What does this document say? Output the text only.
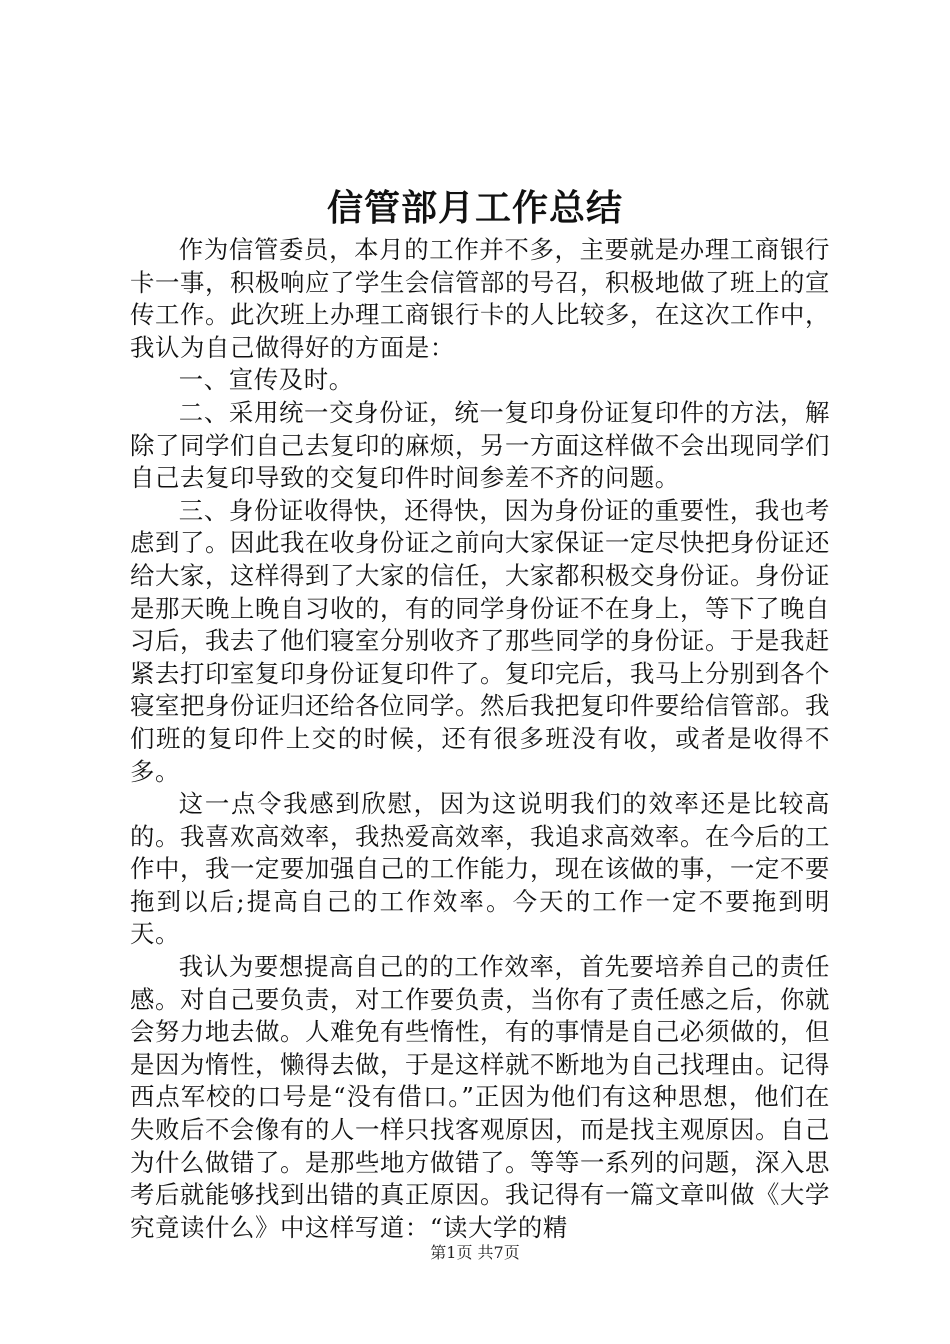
信管部月工作总结

作为信管委员，本月的工作并不多，主要就是办理工商银行卡一事，积极响应了学生会信管部的号召，积极地做了班上的宣传工作。此次班上办理工商银行卡的人比较多，在这次工作中，我认为自己做得好的方面是：

一、宣传及时。

二、采用统一交身份证，统一复印身份证复印件的方法，解除了同学们自己去复印的麻烦，另一方面这样做不会出现同学们自己去复印导致的交复印件时间参差不齐的问题。

三、身份证收得快，还得快，因为身份证的重要性，我也考虑到了。因此我在收身份证之前向大家保证一定尽快把身份证还给大家，这样得到了大家的信任，大家都积极交身份证。身份证是那天晚上晚自习收的，有的同学身份证不在身上，等下了晚自习后，我去了他们寝室分别收齐了那些同学的身份证。于是我赶紧去打印室复印身份证复印件了。复印完后，我马上分别到各个寝室把身份证归还给各位同学。然后我把复印件要给信管部。我们班的复印件上交的时候，还有很多班没有收，或者是收得不多。

这一点令我感到欣慰，因为这说明我们的效率还是比较高的。我喜欢高效率，我热爱高效率，我追求高效率。在今后的工作中，我一定要加强自己的工作能力，现在该做的事，一定不要拖到以后;提高自己的工作效率。今天的工作一定不要拖到明天。

我认为要想提高自己的的工作效率，首先要培养自己的责任感。对自己要负责，对工作要负责，当你有了责任感之后，你就会努力地去做。人难免有些惰性，有的事情是自己必须做的，但是因为惰性，懒得去做，于是这样就不断地为自己找理由。记得西点军校的口号是“没有借口。”正因为他们有这种思想，他们在失败后不会像有的人一样只找客观原因，而是找主观原因。自己为什么做错了。是那些地方做错了。等等一系列的问题，深入思考后就能够找到出错的真正原因。我记得有一篇文章叫做《大学究竟读什么》中这样写道：“读大学的精

第1页 共7页
